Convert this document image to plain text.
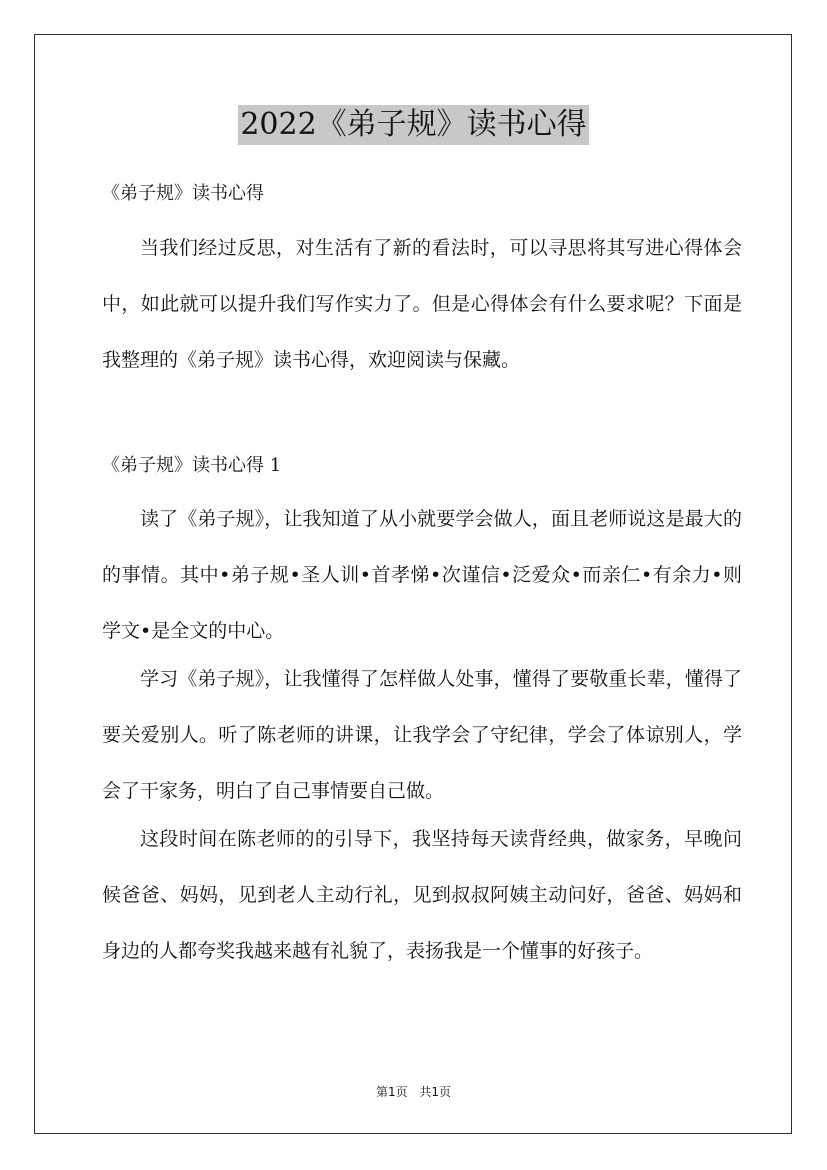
2022《弟子规》读书心得

《弟子规》读书心得

当我们经过反思，对生活有了新的看法时，可以寻思将其写进心得体会中，如此就可以提升我们写作实力了。但是心得体会有什么要求呢？下面是我整理的《弟子规》读书心得，欢迎阅读与保藏。

《弟子规》读书心得 1

读了《弟子规》，让我知道了从小就要学会做人，面且老师说这是最大的的事情。其中•弟子规•圣人训•首孝悌•次谨信•泛爱众•而亲仁•有余力•则学文•是全文的中心。

学习《弟子规》，让我懂得了怎样做人处事，懂得了要敬重长辈，懂得了要关爱别人。听了陈老师的讲课，让我学会了守纪律，学会了体谅别人，学会了干家务，明白了自己事情要自己做。

这段时间在陈老师的的引导下，我坚持每天读背经典，做家务，早晚问候爸爸、妈妈，见到老人主动行礼，见到叔叔阿姨主动问好，爸爸、妈妈和身边的人都夸奖我越来越有礼貌了，表扬我是一个懂事的好孩子。

第1页 共1页
